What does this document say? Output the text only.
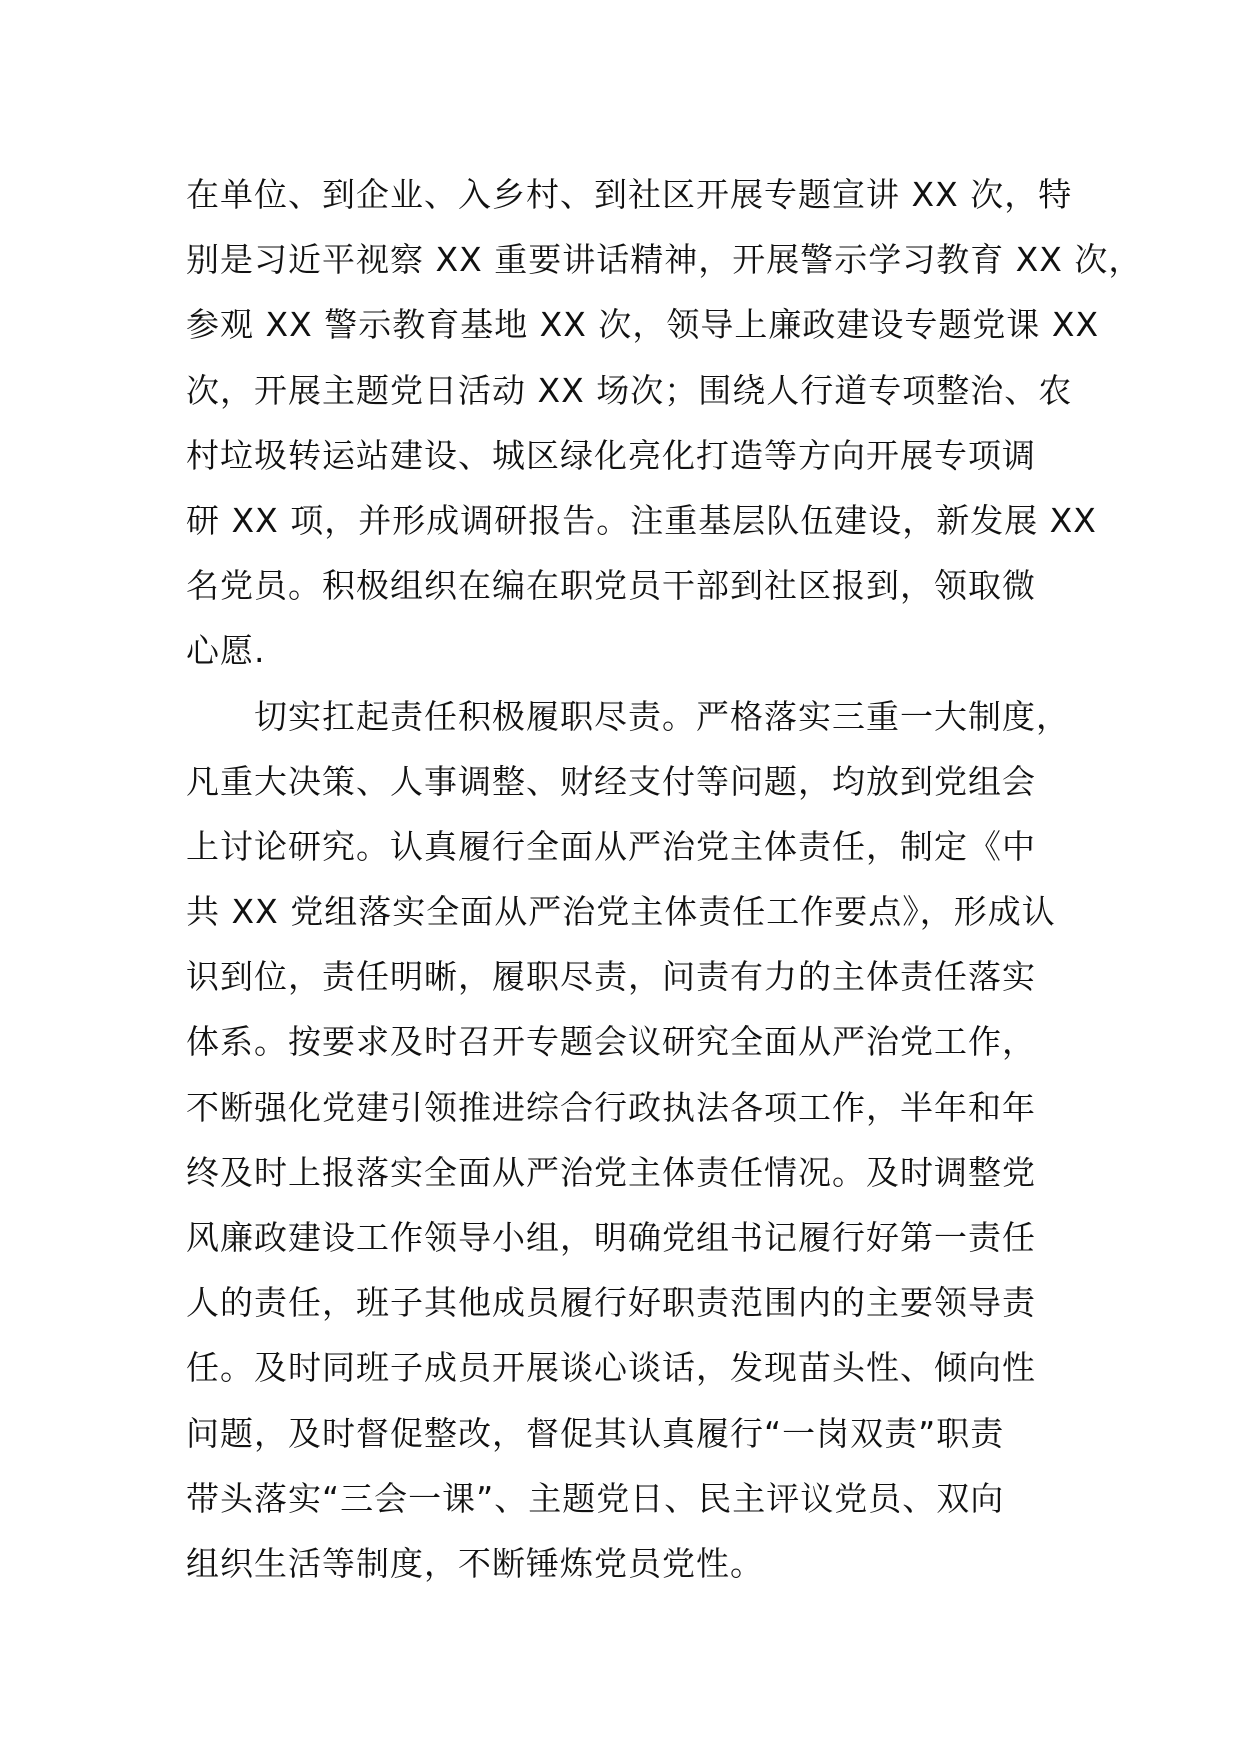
在单位、到企业、入乡村、到社区开展专题宣讲 XX 次，特
别是习近平视察 XX 重要讲话精神，开展警示学习教育 XX 次，
参观 XX 警示教育基地 XX 次，领导上廉政建设专题党课 XX
次，开展主题党日活动 XX 场次；围绕人行道专项整治、农
村垃圾转运站建设、城区绿化亮化打造等方向开展专项调
研 XX 项，并形成调研报告。注重基层队伍建设，新发展 XX
名党员。积极组织在编在职党员干部到社区报到，领取微
心愿.
切实扛起责任积极履职尽责。严格落实三重一大制度，
凡重大决策、人事调整、财经支付等问题，均放到党组会
上讨论研究。认真履行全面从严治党主体责任，制定《中
共 XX 党组落实全面从严治党主体责任工作要点》，形成认
识到位，责任明晰，履职尽责，问责有力的主体责任落实
体系。按要求及时召开专题会议研究全面从严治党工作，
不断强化党建引领推进综合行政执法各项工作，半年和年
终及时上报落实全面从严治党主体责任情况。及时调整党
风廉政建设工作领导小组，明确党组书记履行好第一责任
人的责任，班子其他成员履行好职责范围内的主要领导责
任。及时同班子成员开展谈心谈话，发现苗头性、倾向性
问题，及时督促整改，督促其认真履行“一岗双责”职责
带头落实“三会一课”、主题党日、民主评议党员、双向
组织生活等制度，不断锤炼党员党性。
